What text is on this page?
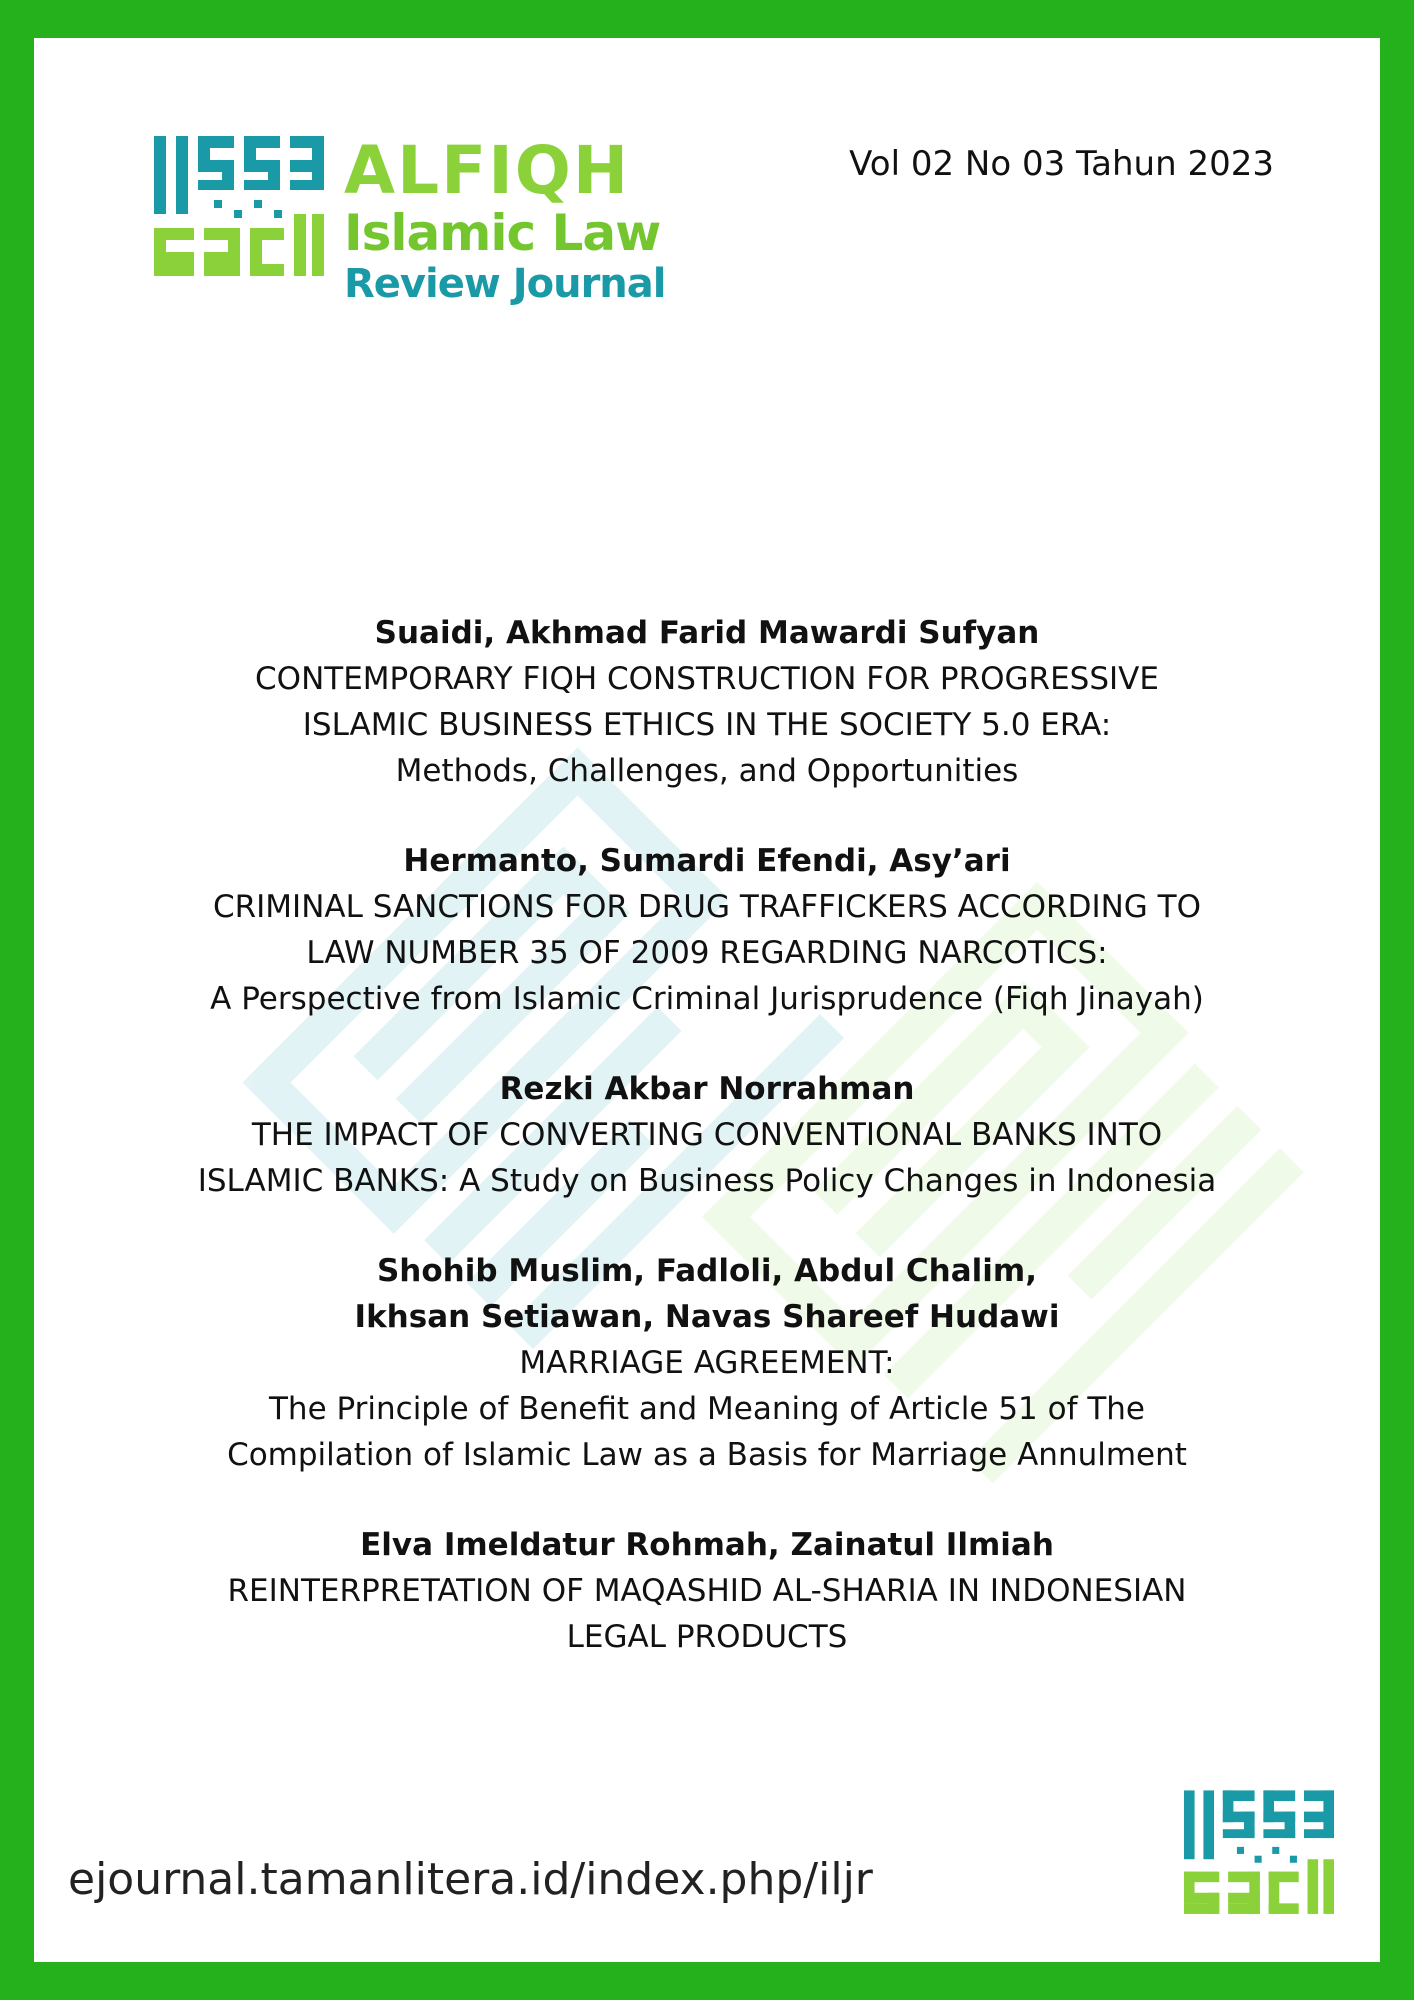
ALFIQH
Islamic Law
Review Journal
Vol 02 No 03 Tahun 2023
Suaidi, Akhmad Farid Mawardi Sufyan
CONTEMPORARY FIQH CONSTRUCTION FOR PROGRESSIVE
ISLAMIC BUSINESS ETHICS IN THE SOCIETY 5.0 ERA:
Methods, Challenges, and Opportunities
Hermanto, Sumardi Efendi, Asy’ari
CRIMINAL SANCTIONS FOR DRUG TRAFFICKERS ACCORDING TO
LAW NUMBER 35 OF 2009 REGARDING NARCOTICS:
A Perspective from Islamic Criminal Jurisprudence (Fiqh Jinayah)
Rezki Akbar Norrahman
THE IMPACT OF CONVERTING CONVENTIONAL BANKS INTO
ISLAMIC BANKS: A Study on Business Policy Changes in Indonesia
Shohib Muslim, Fadloli, Abdul Chalim,
Ikhsan Setiawan, Navas Shareef Hudawi
MARRIAGE AGREEMENT:
The Principle of Benefit and Meaning of Article 51 of The
Compilation of Islamic Law as a Basis for Marriage Annulment
Elva Imeldatur Rohmah, Zainatul Ilmiah
REINTERPRETATION OF MAQASHID AL-SHARIA IN INDONESIAN
LEGAL PRODUCTS
ejournal.tamanlitera.id/index.php/iljr
